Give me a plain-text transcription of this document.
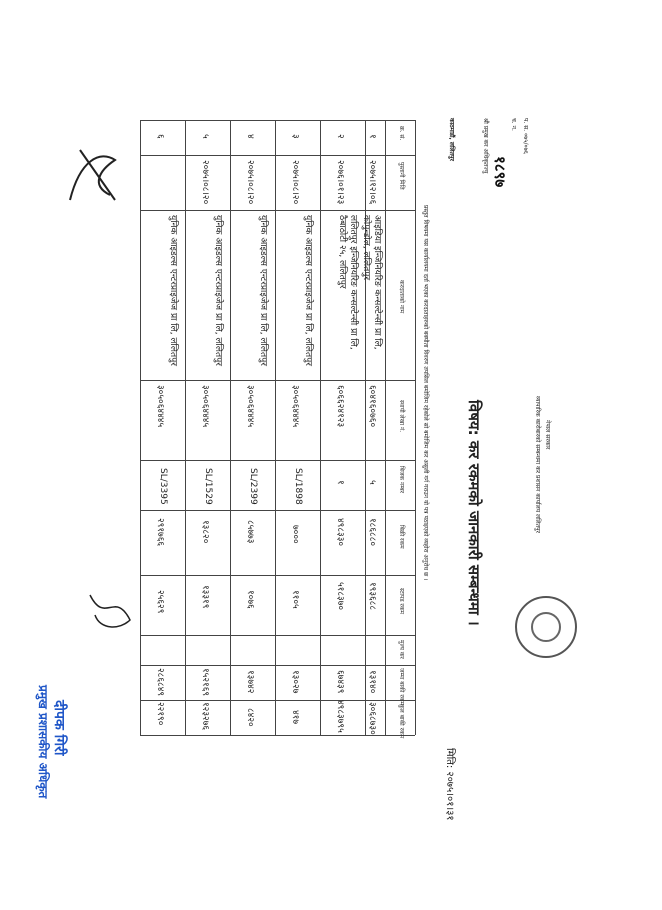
प. स. ०७५/०७६
च. न.
१८९७
श्री प्रमुख कर अधिकृतज्यु
काठमाडौं, ललितपुर
नेपाल सरकार
व्यापारिक कारोबारको सम्बन्धमा कर प्रशासन कार्यालय ललितपुर
विषय: कर रकमको जानकारी सम्बन्धमा ।
मिति: २०७५।०१।३१
प्रस्तुत विषयमा यस कार्यालयमा दर्ता भएका करदाताहरुको बक्यौता विवरण तपसिल बमोजिम रहेकोले सो बमोजिम कर असुली गर्न गराउन यो पत्र पठाइएको व्यहोरा अनुरोध छ ।
क्र. सं.
पुस्तानी मिति
करदाताको नाम
स्थायी लेखा नं.
बिजक नम्बर
बिक्री रकम
स्टापड रकम
मुल्य कर
जम्मा बाकी रकम
कुल बाकी रकम
१
२०७५।१२।०६
आइडिया इन्जिनियरिङ कन्सल्टेन्सी प्रा लि, कोपुन्डोल, ललितपुर
६०४१६०७६०
५
१८६८८०
१९३६८८
१३१४०
३०६८७३०
२
२०७६।०१।२३
ललितपुर इन्जिनियरिङ कन्सल्टेन्सी प्रा लि, ठैबाठोटी २५, ललितपुर
६०६६२४१२३
१
४९८३३०
५१८३७०
६७४३९
४९८३७९५
३
२०७५।०८।२०
युनिक आइडल्स एन्टरप्राइजेज प्रा लि, ललितपुर
३०५०६४४४५
SL/1898
७०००
११०५
१३०२७
४१७
४
२०७५।०८।२०
युनिक आइडल्स एन्टरप्राइजेज प्रा लि, ललितपुर
३०५०६४४४५
SL/2399
८५७७३
१०७६
१३७४२
८४२०
५
२०७५।०८।२०
युनिक आइडल्स एन्टरप्राइजेज प्रा लि, ललितपुर
३०५०६४४४५
SL/1529
१३८२०
१३३१९
१५२१६९
१२३२७६
६
युनिक आइडल्स एन्टरप्राइजेज प्रा लि, ललितपुर
३०५०६४४४५
SL/3395
२९१७६६
२५६२९
२८६८४९
२२१९०
दीपक गिरी
प्रमुख प्रशासकीय अधिकृत
